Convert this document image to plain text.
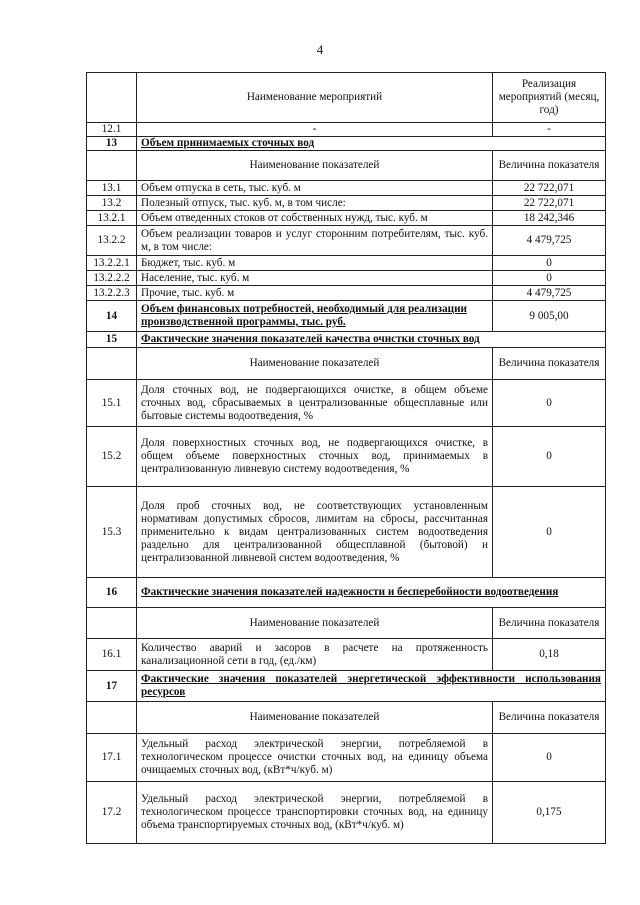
4
	Наименование мероприятий	Реализация мероприятий (месяц, год)
12.1	-	-
13	Объем принимаемых сточных вод	
	Наименование показателей	Величина показателя
13.1	Объем отпуска в сеть, тыс. куб. м	22 722,071
13.2	Полезный отпуск, тыс. куб. м, в том числе:	22 722,071
13.2.1	Объем отведенных стоков от собственных нужд, тыс. куб. м	18 242,346
13.2.2	Объем реализации товаров и услуг сторонним потребителям, тыс. куб. м, в том числе:	4 479,725
13.2.2.1	Бюджет, тыс. куб. м	0
13.2.2.2	Население, тыс. куб. м	0
13.2.2.3	Прочие, тыс. куб. м	4 479,725
14	Объем финансовых потребностей, необходимый для реализации производственной программы, тыс. руб.	9 005,00
15	Фактические значения показателей качества очистки сточных вод	
	Наименование показателей	Величина показателя
15.1	Доля сточных вод, не подвергающихся очистке, в общем объеме сточных вод, сбрасываемых в централизованные общесплавные или бытовые системы водоотведения, %	0
15.2	Доля поверхностных сточных вод, не подвергающихся очистке, в общем объеме поверхностных сточных вод, принимаемых в централизованную ливневую систему водоотведения, %	0
15.3	Доля проб сточных вод, не соответствующих установленным нормативам допустимых сбросов, лимитам на сбросы, рассчитанная применительно к видам централизованных систем водоотведения раздельно для централизованной общесплавной (бытовой) и централизованной ливневой систем водоотведения, %	0
16	Фактические значения показателей надежности и бесперебойности водоотведения	
	Наименование показателей	Величина показателя
16.1	Количество аварий и засоров в расчете на протяженность канализационной сети в год, (ед./км)	0,18
17	Фактические значения показателей энергетической эффективности использования ресурсов	
	Наименование показателей	Величина показателя
17.1	Удельный расход электрической энергии, потребляемой в технологическом процессе очистки сточных вод, на единицу объема очищаемых сточных вод, (кВт*ч/куб. м)	0
17.2	Удельный расход электрической энергии, потребляемой в технологическом процессе транспортировки сточных вод, на единицу объема транспортируемых сточных вод, (кВт*ч/куб. м)	0,175
